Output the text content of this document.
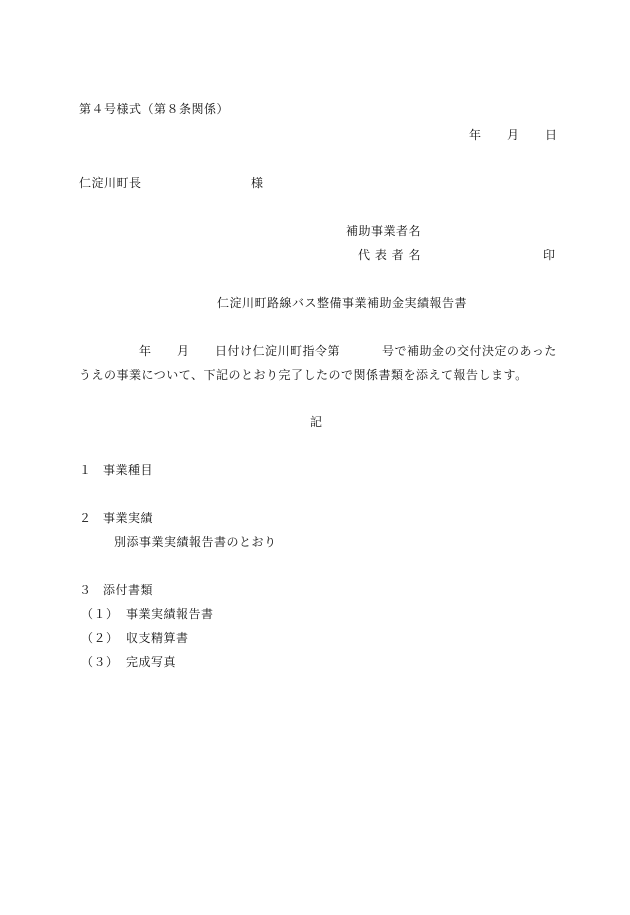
第４号様式（第８条関係）
年 月 日
仁淀川町長	様
補助事業者名
代 表 者 名	印
仁淀川町路線バス整備事業補助金実績報告書
年 月 日付け仁淀川町指令第	号で補助金の交付決定のあった
うえの事業について、下記のとおり完了したので関係書類を添えて報告します。
記
１ 事業種目
２ 事業実績
別添事業実績報告書のとおり
３ 添付書類
（１） 事業実績報告書
（２） 収支精算書
（３） 完成写真
